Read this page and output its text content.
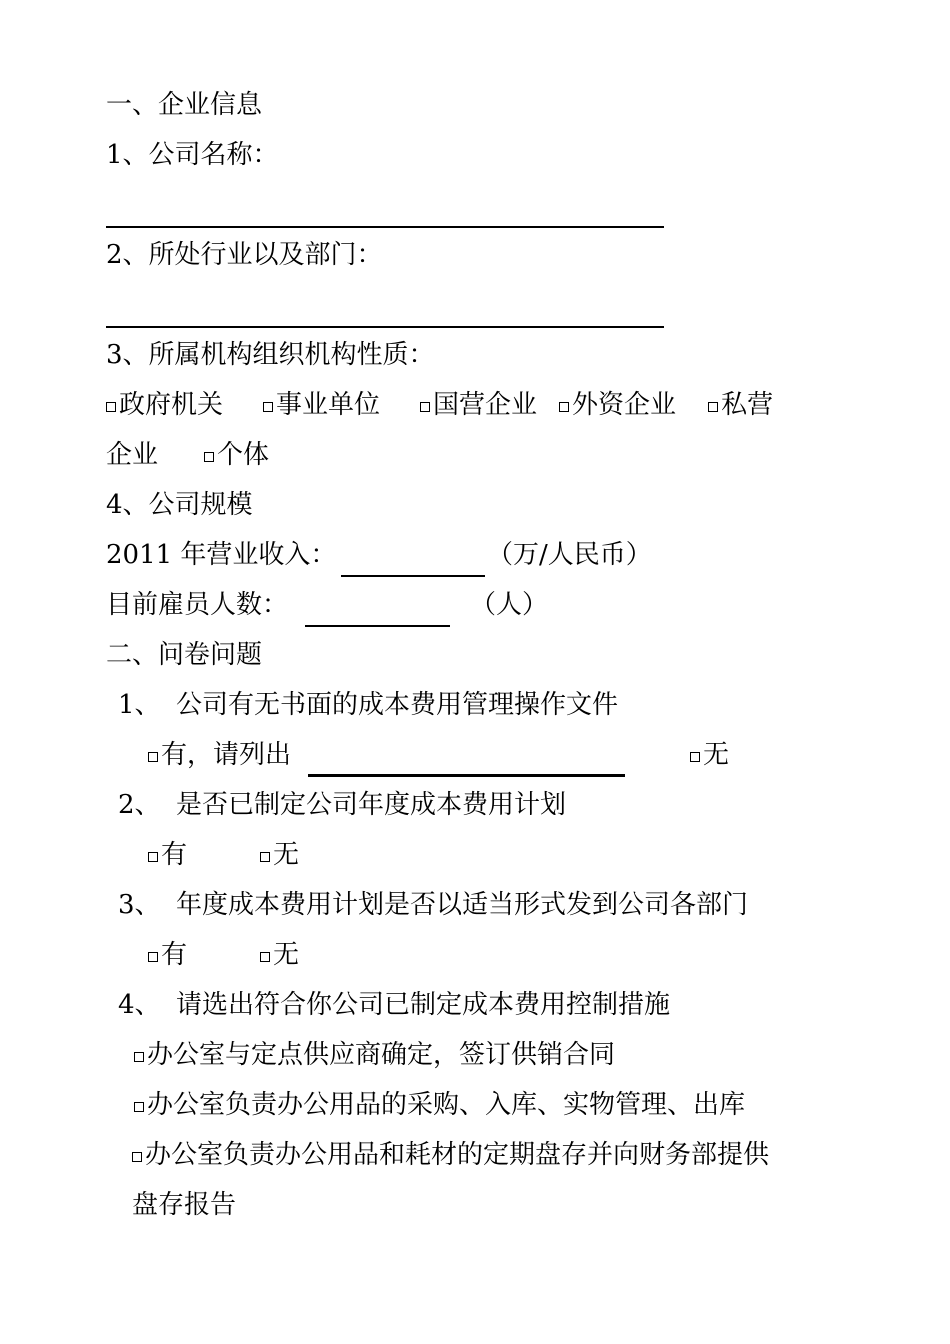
一、企业信息
1、公司名称：
2、所处行业以及部门：
3、所属机构组织机构性质：
政府机关 事业单位 国营企业 外资企业 私营
企业 个体
4、公司规模
2011 年营业收入：	（万/人民币）
目前雇员人数：	（人）
二、问卷问题
1、 公司有无书面的成本费用管理操作文件
有，请列出	无
2、 是否已制定公司年度成本费用计划
有	无
3、 年度成本费用计划是否以适当形式发到公司各部门
有	无
4、 请选出符合你公司已制定成本费用控制措施
办公室与定点供应商确定，签订供销合同
办公室负责办公用品的采购、入库、实物管理、出库
办公室负责办公用品和耗材的定期盘存并向财务部提供
盘存报告
